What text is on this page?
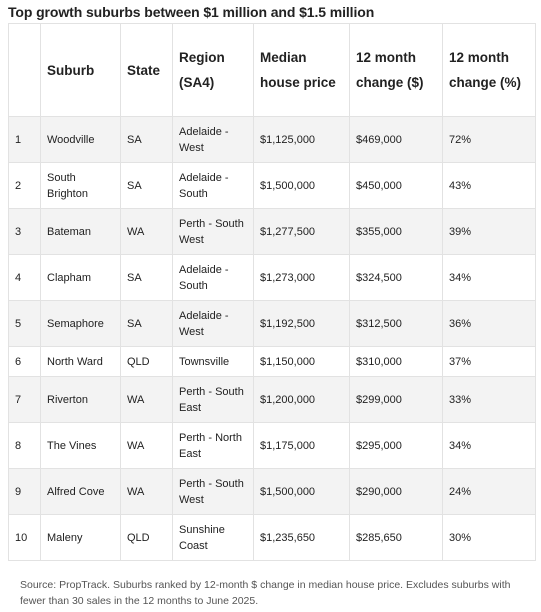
Top growth suburbs between $1 million and $1.5 million
	Suburb	State	Region (SA4)	Median house price	12 month change ($)	12 month change (%)
1	Woodville	SA	Adelaide - West	$1,125,000	$469,000	72%
2	South Brighton	SA	Adelaide - South	$1,500,000	$450,000	43%
3	Bateman	WA	Perth - South West	$1,277,500	$355,000	39%
4	Clapham	SA	Adelaide - South	$1,273,000	$324,500	34%
5	Semaphore	SA	Adelaide - West	$1,192,500	$312,500	36%
6	North Ward	QLD	Townsville	$1,150,000	$310,000	37%
7	Riverton	WA	Perth - South East	$1,200,000	$299,000	33%
8	The Vines	WA	Perth - North East	$1,175,000	$295,000	34%
9	Alfred Cove	WA	Perth - South West	$1,500,000	$290,000	24%
10	Maleny	QLD	Sunshine Coast	$1,235,650	$285,650	30%
Source: PropTrack. Suburbs ranked by 12-month $ change in median house price. Excludes suburbs with fewer than 30 sales in the 12 months to June 2025.
